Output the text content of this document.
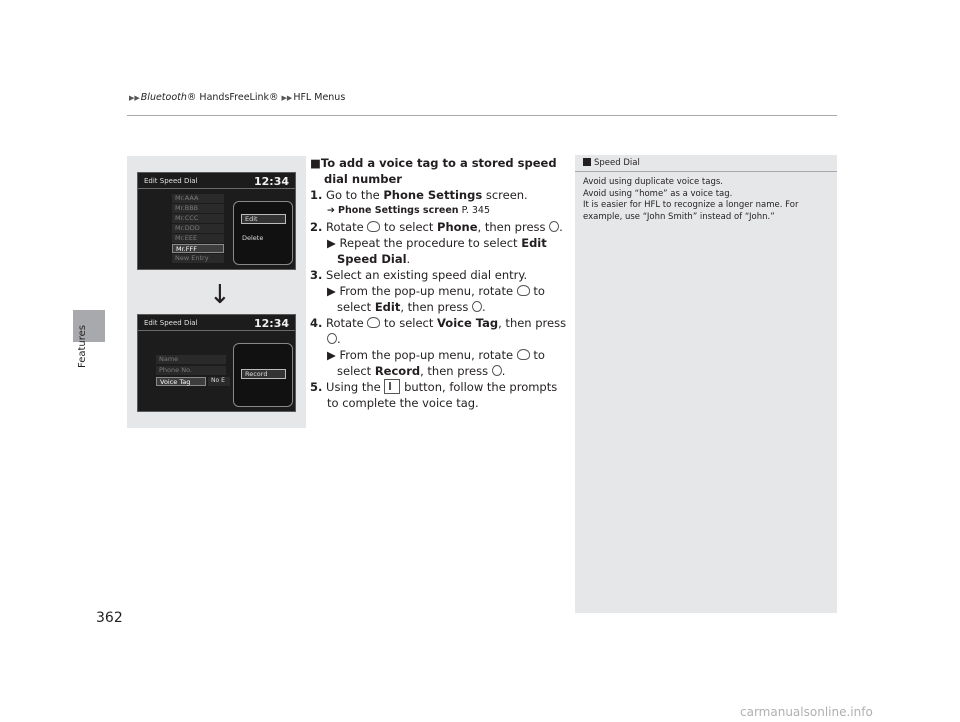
▶▶Bluetooth® HandsFreeLink® ▶▶HFL Menus
Features
362
Edit Speed Dial	12:34
Mr.AAA
Mr.BBB
Mr.CCC
Mr.DDD
Mr.EEE
Mr.FFF
New Entry
Edit
Delete
Edit Speed Dial	12:34
Name
Phone No.
Voice Tag	No E
Record
↓
■To add a voice tag to a stored speed dial number
1. Go to the Phone Settings screen.
➔ Phone Settings screen P. 345
2. Rotate to select Phone, then press .
▶ Repeat the procedure to select Edit Speed Dial.
3. Select an existing speed dial entry.
▶ From the pop-up menu, rotate to select Edit, then press .
4. Rotate to select Voice Tag, then press .
▶ From the pop-up menu, rotate to select Record, then press .
5. Using the button, follow the prompts to complete the voice tag.
Speed Dial
Avoid using duplicate voice tags.
Avoid using “home” as a voice tag.
It is easier for HFL to recognize a longer name. For example, use “John Smith” instead of “John.”
carmanualsonline.info
